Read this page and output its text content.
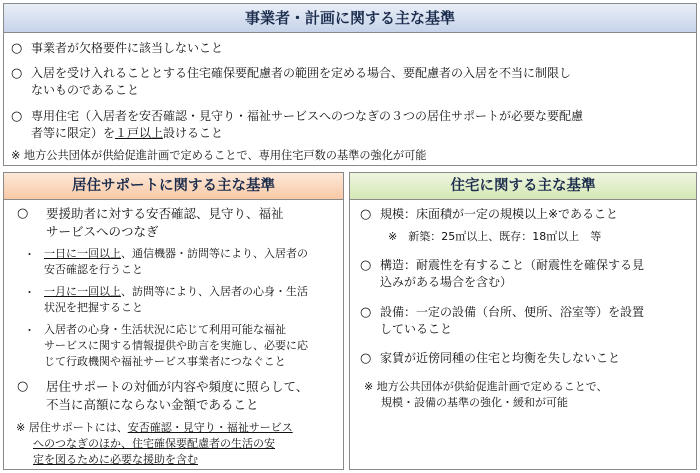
事業者・計画に関する主な基準
○ 事業者が欠格要件に該当しないこと
○ 入居を受け入れることとする住宅確保要配慮者の範囲を定める場合、要配慮者の入居を不当に制限し
ないものであること
○ 専用住宅（入居者を安否確認・見守り・福祉サービスへのつなぎの３つの居住サポートが必要な要配慮
者等に限定）を１戸以上設けること
※ 地方公共団体が供給促進計画で定めることで、専用住宅戸数の基準の強化が可能
居住サポートに関する主な基準
○ 要援助者に対する安否確認、見守り、福祉
サービスへのつなぎ
・ 一日に一回以上、通信機器・訪問等により、入居者の
安否確認を行うこと
・ 一月に一回以上、訪問等により、入居者の心身・生活
状況を把握すること
・ 入居者の心身・生活状況に応じて利用可能な福祉
サービスに関する情報提供や助言を実施し、必要に応
じて行政機関や福祉サービス事業者につなぐこと
○ 居住サポートの対価が内容や頻度に照らして、
不当に高額にならない金額であること
※ 居住サポートには、安否確認・見守り・福祉サービス
へのつなぎのほか、住宅確保要配慮者の生活の安
定を図るために必要な援助を含む
住宅に関する主な基準
○ 規模：床面積が一定の規模以上※であること
※　新築：25㎡以上、既存：18㎡以上　等
○ 構造：耐震性を有すること（耐震性を確保する見
込みがある場合を含む）
○ 設備：一定の設備（台所、便所、浴室等）を設置
していること
○ 家賃が近傍同種の住宅と均衡を失しないこと
※ 地方公共団体が供給促進計画で定めることで、
規模・設備の基準の強化・緩和が可能
